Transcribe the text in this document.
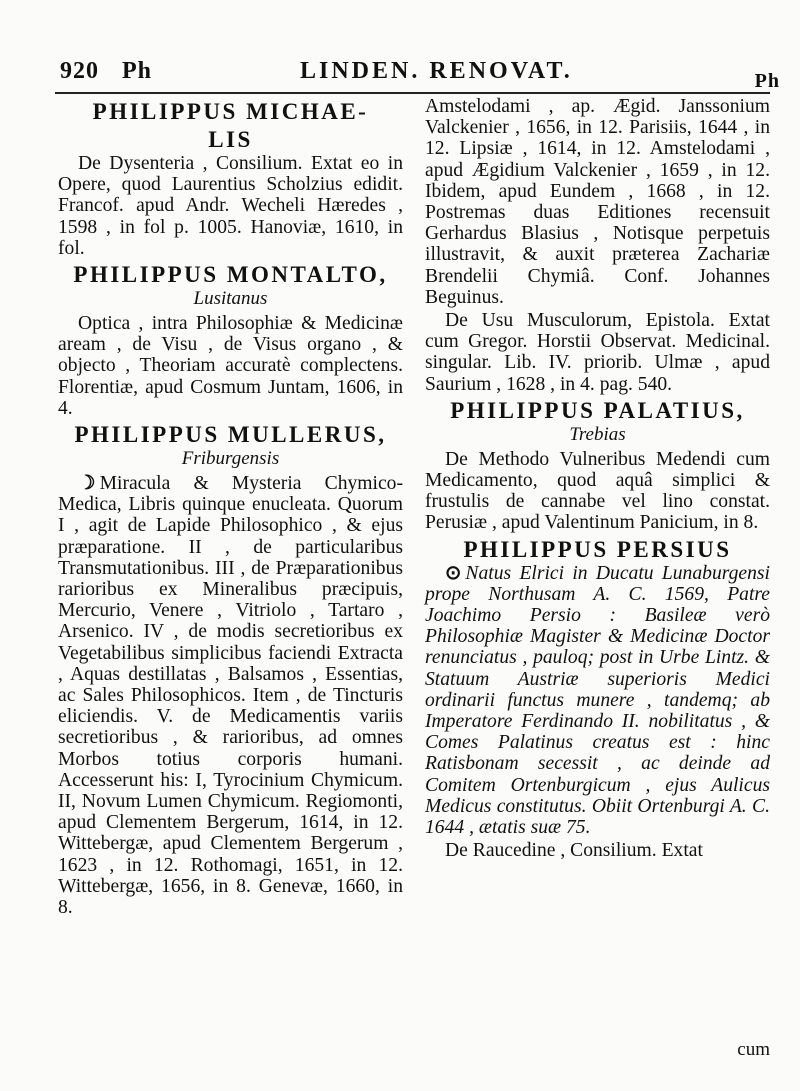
920 Ph	LINDEN. RENOVAT.	Ph
PHILIPPUS MICHAE-
LIS
De Dysenteria , Consilium. Extat eo in Opere, quod Laurentius Scholzius edidit. Francof. apud Andr. Wecheli Hæredes , 1598 , in fol p. 1005. Hanoviæ, 1610, in fol.
PHILIPPUS MONTALTO,
Lusitanus
Optica , intra Philosophiæ & Medicinæ aream , de Visu , de Visus organo , & objecto , Theoriam accuratè complectens. Florentiæ, apud Cosmum Juntam, 1606, in 4.
PHILIPPUS MULLERUS,
Friburgensis
☽ Miracula & Mysteria Chymico-Medica, Libris quinque enucleata. Quorum I , agit de Lapide Philosophico , & ejus præparatione. II , de particularibus Transmutationibus. III , de Præparationibus rarioribus ex Mineralibus præcipuis, Mercurio, Venere , Vitriolo , Tartaro , Arsenico. IV , de modis secretioribus ex Vegetabilibus simplicibus faciendi Extracta , Aquas destillatas , Balsamos , Essentias, ac Sales Philosophicos. Item , de Tincturis eliciendis. V. de Medicamentis variis secretioribus , & rarioribus, ad omnes Morbos totius corporis humani. Accesserunt his: I, Tyrocinium Chymicum. II, Novum Lumen Chymicum. Regiomonti, apud Clementem Bergerum, 1614, in 12. Wittebergæ, apud Clementem Bergerum , 1623 , in 12. Rothomagi, 1651, in 12. Wittebergæ, 1656, in 8. Genevæ, 1660, in 8.
Amstelodami , ap. Ægid. Janssonium Valckenier , 1656, in 12. Parisiis, 1644 , in 12. Lipsiæ , 1614, in 12. Amstelodami , apud Ægidium Valckenier , 1659 , in 12. Ibidem, apud Eundem , 1668 , in 12. Postremas duas Editiones recensuit Gerhardus Blasius , Notisque perpetuis illustravit, & auxit præterea Zachariæ Brendelii Chymiâ. Conf. Johannes Beguinus.
De Usu Musculorum, Epistola. Extat cum Gregor. Horstii Observat. Medicinal. singular. Lib. IV. priorib. Ulmæ , apud Saurium , 1628 , in 4. pag. 540.
PHILIPPUS PALATIUS,
Trebias
De Methodo Vulneribus Medendi cum Medicamento, quod aquâ simplici & frustulis de cannabe vel lino constat. Perusiæ , apud Valentinum Panicium, in 8.
PHILIPPUS PERSIUS
⊙ Natus Elrici in Ducatu Lunaburgensi prope Northusam A. C. 1569, Patre Joachimo Persio : Basileæ verò Philosophiæ Magister & Medicinæ Doctor renunciatus , pauloq; post in Urbe Lintz. & Statuum Austriæ superioris Medici ordinarii functus munere , tandemq; ab Imperatore Ferdinando II. nobilitatus , & Comes Palatinus creatus est : hinc Ratisbonam secessit , ac deinde ad Comitem Ortenburgicum , ejus Aulicus Medicus constitutus. Obiit Ortenburgi A. C. 1644 , ætatis suæ 75.
De Raucedine , Consilium. Extat
cum
